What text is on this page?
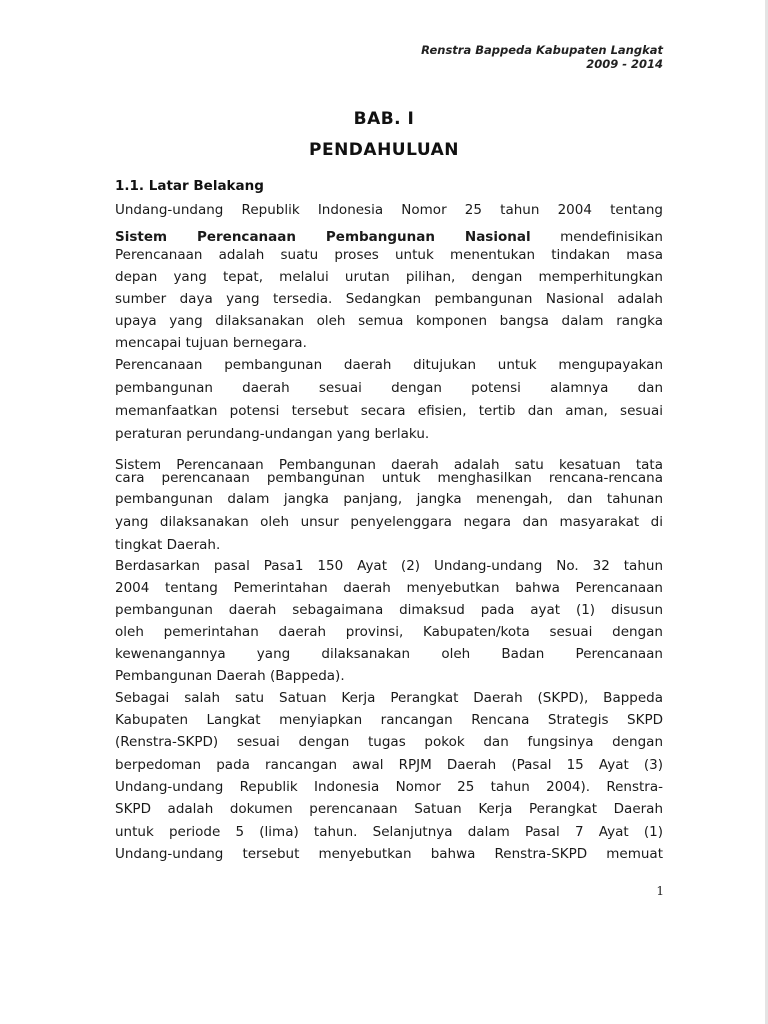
Renstra Bappeda Kabupaten Langkat
2009 - 2014
BAB. I
PENDAHULUAN
1.1. Latar Belakang
Undang-undang Republik Indonesia Nomor 25 tahun 2004 tentang
Sistem Perencanaan Pembangunan Nasional mendefinisikan
Perencanaan adalah suatu proses untuk menentukan tindakan masa
depan yang tepat, melalui urutan pilihan, dengan memperhitungkan
sumber daya yang tersedia. Sedangkan pembangunan Nasional adalah
upaya yang dilaksanakan oleh semua komponen bangsa dalam rangka
mencapai tujuan bernegara.
Perencanaan pembangunan daerah ditujukan untuk mengupayakan
pembangunan daerah sesuai dengan potensi alamnya dan
memanfaatkan potensi tersebut secara efisien, tertib dan aman, sesuai
peraturan perundang-undangan yang berlaku.
Sistem Perencanaan Pembangunan daerah adalah satu kesatuan tata
cara perencanaan pembangunan untuk menghasilkan rencana-rencana
pembangunan dalam jangka panjang, jangka menengah, dan tahunan
yang dilaksanakan oleh unsur penyelenggara negara dan masyarakat di
tingkat Daerah.
Berdasarkan pasal Pasa1 150 Ayat (2) Undang-undang No. 32 tahun
2004 tentang Pemerintahan daerah menyebutkan bahwa Perencanaan
pembangunan daerah sebagaimana dimaksud pada ayat (1) disusun
oleh pemerintahan daerah provinsi, Kabupaten/kota sesuai dengan
kewenangannya yang dilaksanakan oleh Badan Perencanaan
Pembangunan Daerah (Bappeda).
Sebagai salah satu Satuan Kerja Perangkat Daerah (SKPD), Bappeda
Kabupaten Langkat menyiapkan rancangan Rencana Strategis SKPD
(Renstra-SKPD) sesuai dengan tugas pokok dan fungsinya dengan
berpedoman pada rancangan awal RPJM Daerah (Pasal 15 Ayat (3)
Undang-undang Republik Indonesia Nomor 25 tahun 2004). Renstra-
SKPD adalah dokumen perencanaan Satuan Kerja Perangkat Daerah
untuk periode 5 (lima) tahun. Selanjutnya dalam Pasal 7 Ayat (1)
Undang-undang tersebut menyebutkan bahwa Renstra-SKPD memuat
1
